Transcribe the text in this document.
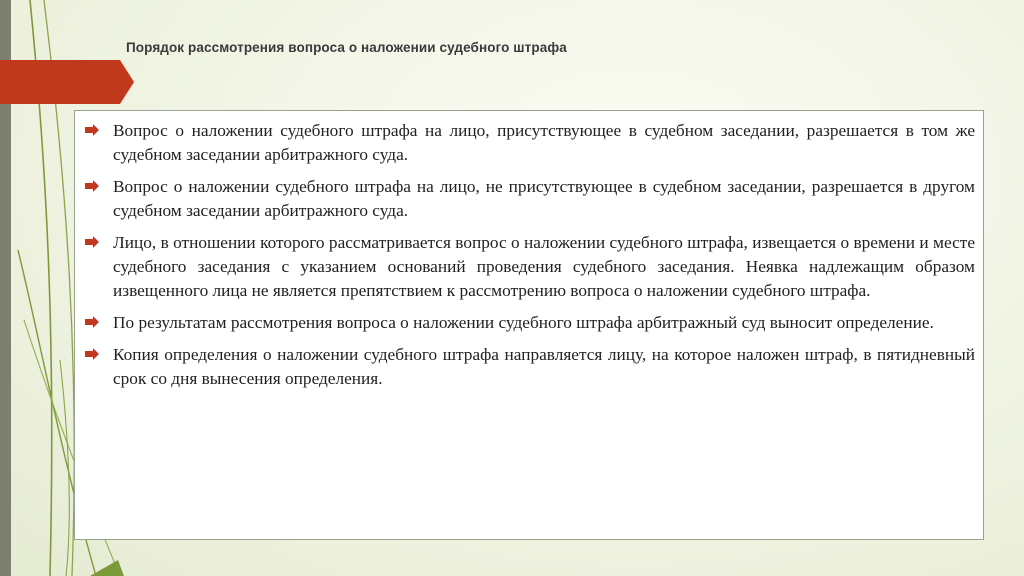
Порядок рассмотрения вопроса о наложении судебного штрафа
Вопрос о наложении судебного штрафа на лицо, присутствующее в судебном заседании, разрешается в том же судебном заседании арбитражного суда.
Вопрос о наложении судебного штрафа на лицо, не присутствующее в судебном заседании, разрешается в другом судебном заседании арбитражного суда.
Лицо, в отношении которого рассматривается вопрос о наложении судебного штрафа, извещается о времени и месте судебного заседания с указанием оснований проведения судебного заседания. Неявка надлежащим образом извещенного лица не является препятствием к рассмотрению вопроса о наложении судебного штрафа.
По результатам рассмотрения вопроса о наложении судебного штрафа арбитражный суд выносит определение.
Копия определения о наложении судебного штрафа направляется лицу, на которое наложен штраф, в пятидневный срок со дня вынесения определения.
